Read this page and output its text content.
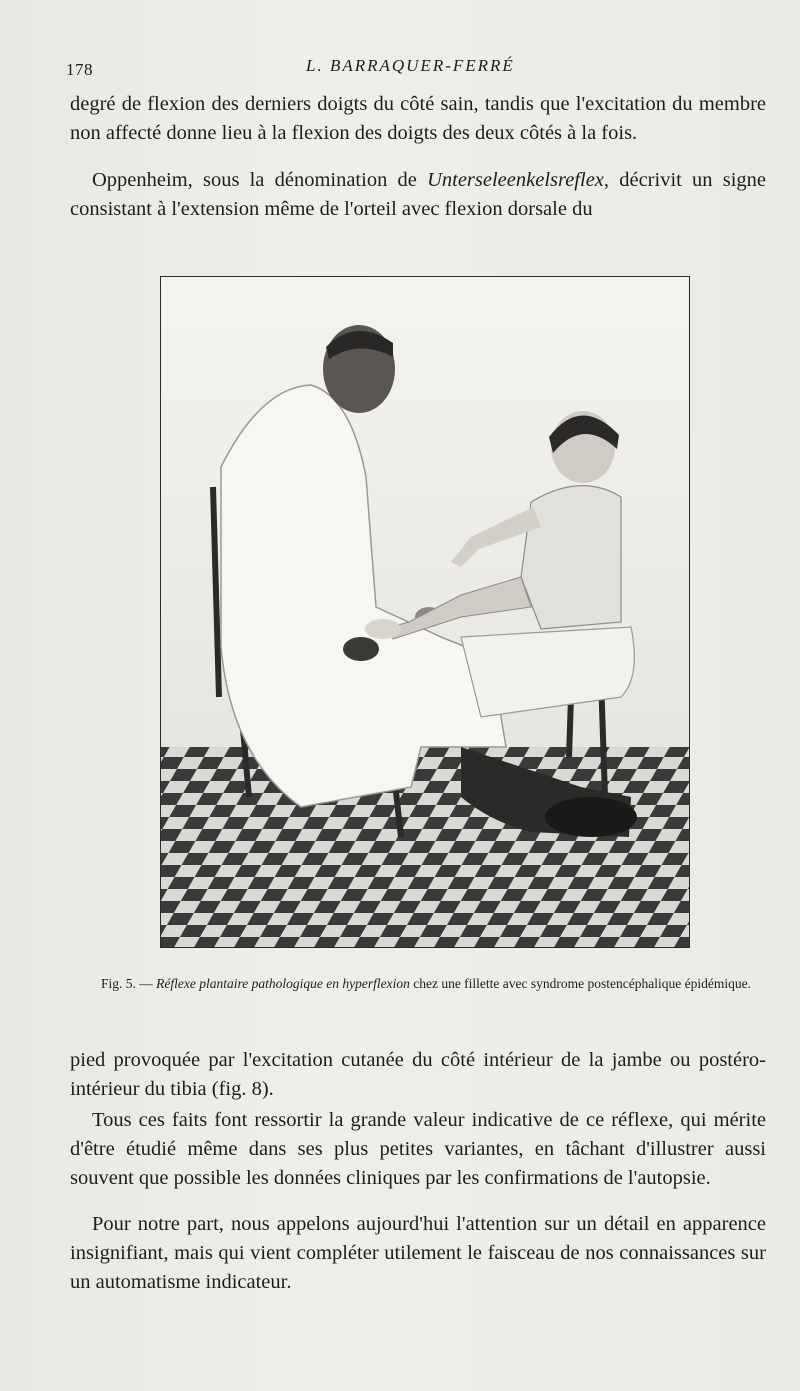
178	L. BARRAQUER-FERRÉ

degré de flexion des derniers doigts du côté sain, tandis que l'excitation du membre non affecté donne lieu à la flexion des doigts des deux côtés à la fois.

Oppenheim, sous la dénomination de Unterseleenkelsreflex, décrivit un signe consistant à l'extension même de l'orteil avec flexion dorsale du

Fig. 5. — Réflexe plantaire pathologique en hyperflexion chez une fillette avec syndrome postencéphalique épidémique.

pied provoquée par l'excitation cutanée du côté intérieur de la jambe ou postéro-intérieur du tibia (fig. 8).

Tous ces faits font ressortir la grande valeur indicative de ce réflexe, qui mérite d'être étudié même dans ses plus petites variantes, en tâchant d'illustrer aussi souvent que possible les données cliniques par les confirmations de l'autopsie.

Pour notre part, nous appelons aujourd'hui l'attention sur un détail en apparence insignifiant, mais qui vient compléter utilement le faisceau de nos connaissances sur un automatisme indicateur.
